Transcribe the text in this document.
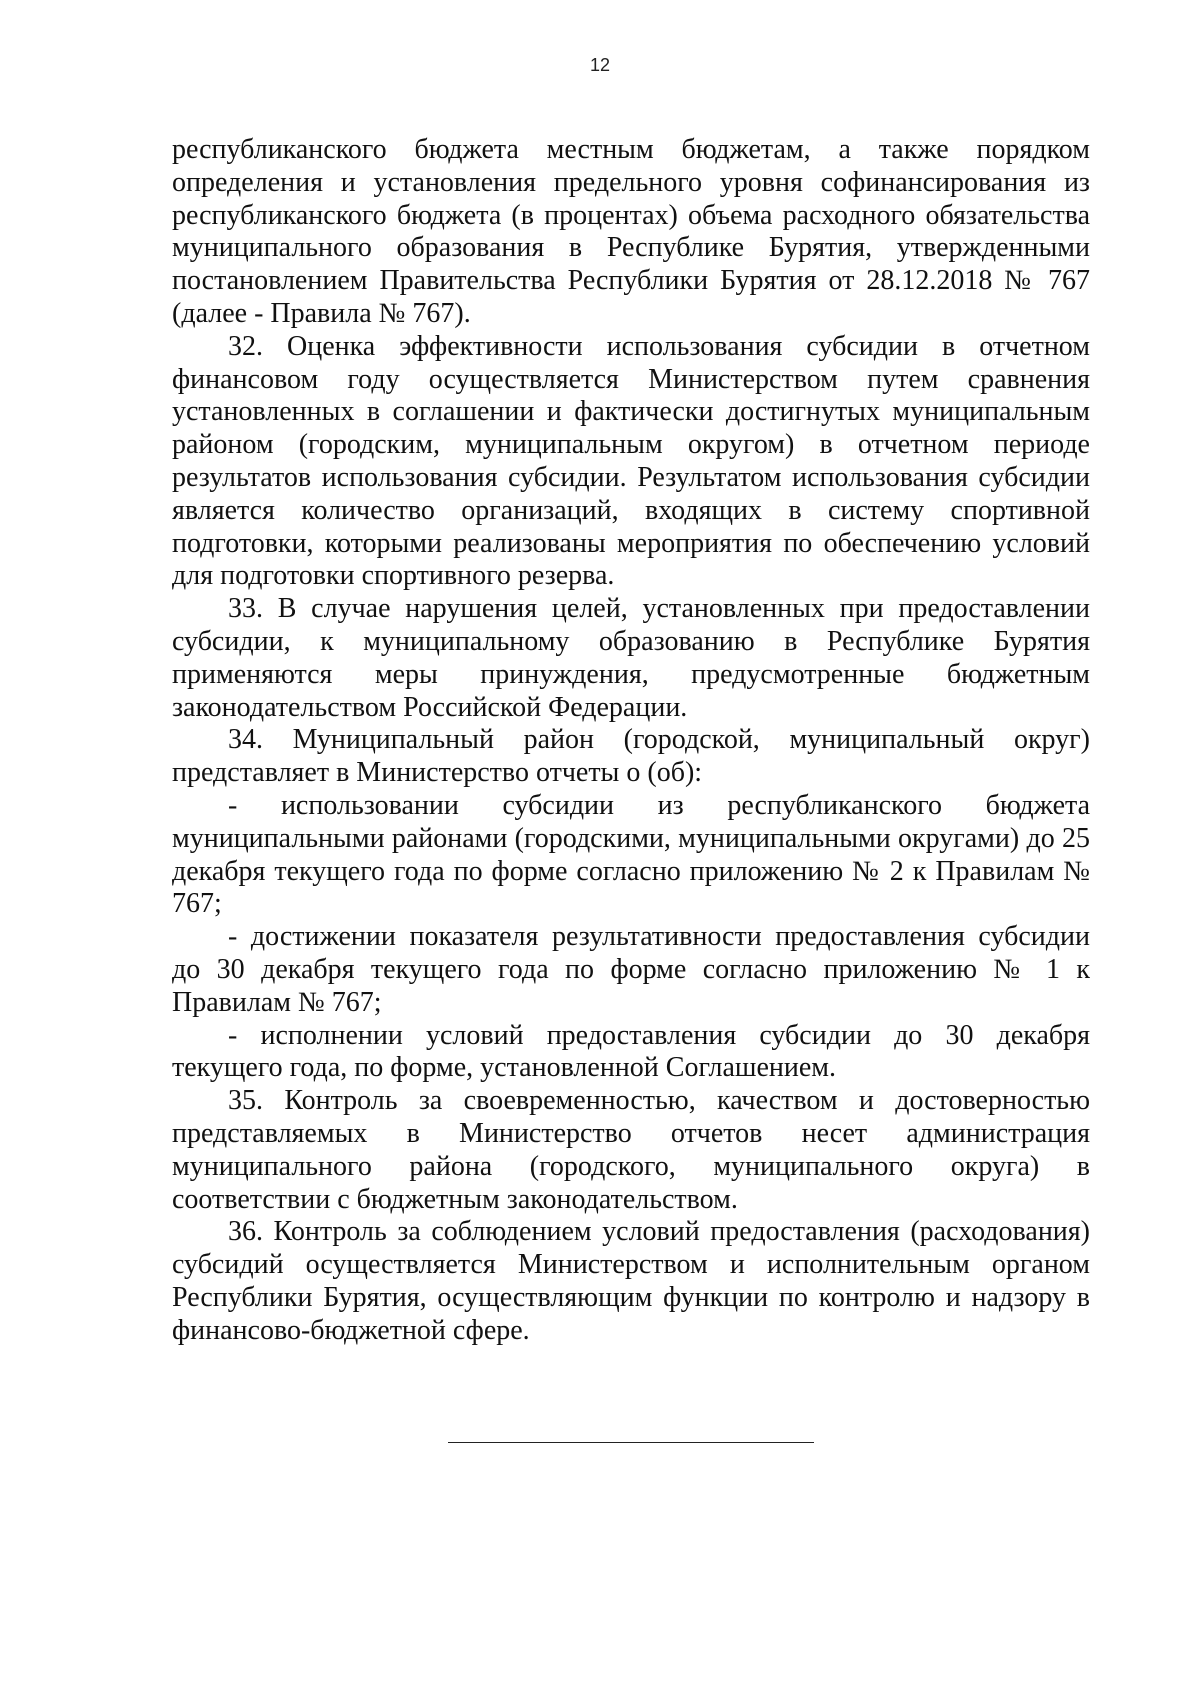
12

республиканского бюджета местным бюджетам, а также порядком определения и установления предельного уровня софинансирования из республиканского бюджета (в процентах) объема расходного обязательства муниципального образования в Республике Бурятия, утвержденными постановлением Правительства Республики Бурятия от 28.12.2018 № 767 (далее - Правила № 767).

32. Оценка эффективности использования субсидии в отчетном финансовом году осуществляется Министерством путем сравнения установленных в соглашении и фактически достигнутых муниципальным районом (городским, муниципальным округом) в отчетном периоде результатов использования субсидии. Результатом использования субсидии является количество организаций, входящих в систему спортивной подготовки, которыми реализованы мероприятия по обеспечению условий для подготовки спортивного резерва.

33. В случае нарушения целей, установленных при предоставлении субсидии, к муниципальному образованию в Республике Бурятия применяются меры принуждения, предусмотренные бюджетным законодательством Российской Федерации.

34. Муниципальный район (городской, муниципальный округ) представляет в Министерство отчеты о (об):

- использовании субсидии из республиканского бюджета муниципальными районами (городскими, муниципальными округами) до 25 декабря текущего года по форме согласно приложению № 2 к Правилам № 767;

- достижении показателя результативности предоставления субсидии до 30 декабря текущего года по форме согласно приложению № 1 к Правилам № 767;

- исполнении условий предоставления субсидии до 30 декабря текущего года, по форме, установленной Соглашением.

35. Контроль за своевременностью, качеством и достоверностью представляемых в Министерство отчетов несет администрация муниципального района (городского, муниципального округа) в соответствии с бюджетным законодательством.

36. Контроль за соблюдением условий предоставления (расходования) субсидий осуществляется Министерством и исполнительным органом Республики Бурятия, осуществляющим функции по контролю и надзору в финансово-бюджетной сфере.
